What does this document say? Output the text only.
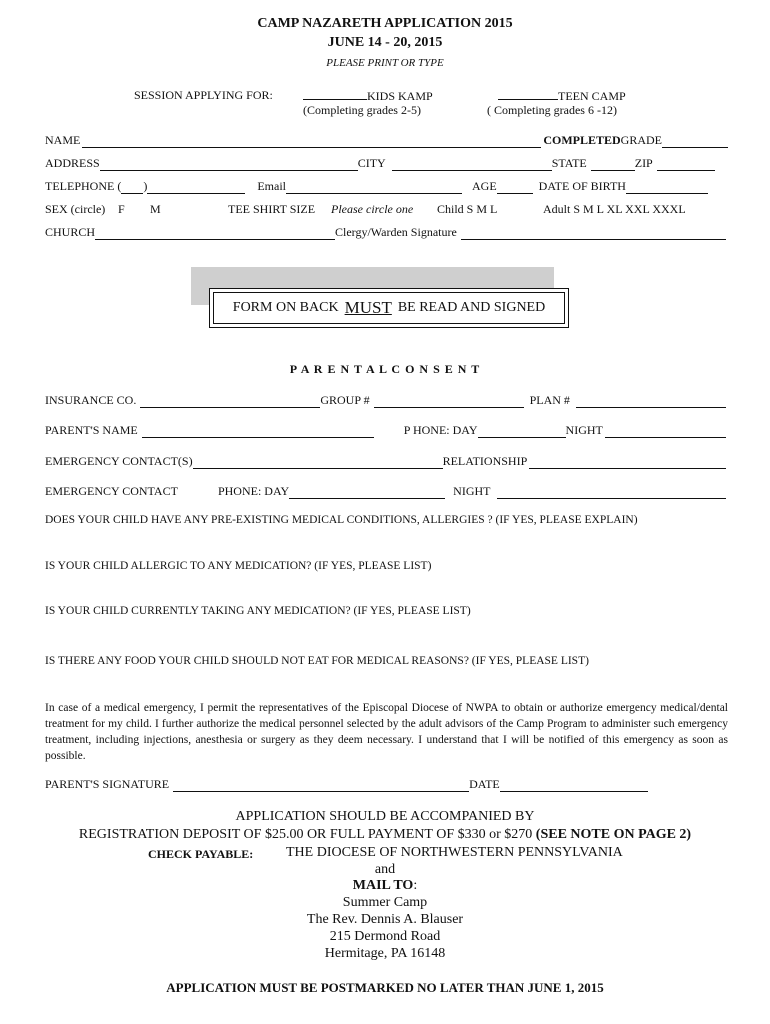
CAMP NAZARETH APPLICATION 2015
JUNE 14 - 20, 2015
PLEASE PRINT OR TYPE
SESSION APPLYING FOR:	KIDS KAMP
(Completing grades 2-5)
TEEN CAMP
( Completing grades 6 -12)
NAME	COMPLETED GRADE
ADDRESS	CITY	STATE	ZIP
TELEPHONE ( )	Email	AGE	DATE OF BIRTH
SEX (circle) F M	TEE SHIRT SIZE Please circle one Child S M L	Adult S M L XL XXL XXXL
CHURCH	Clergy/Warden Signature
FORM ON BACK MUST BE READ AND SIGNED
P A R E N T A L C O N S E N T
INSURANCE CO.	GROUP #	PLAN #
PARENT'S NAME	P HONE: DAY	NIGHT
EMERGENCY CONTACT(S)	RELATIONSHIP
EMERGENCY CONTACT	PHONE: DAY	NIGHT
DOES YOUR CHILD HAVE ANY PRE-EXISTING MEDICAL CONDITIONS, ALLERGIES ? (IF YES, PLEASE EXPLAIN)
IS YOUR CHILD ALLERGIC TO ANY MEDICATION? (IF YES, PLEASE LIST)
IS YOUR CHILD CURRENTLY TAKING ANY MEDICATION? (IF YES, PLEASE LIST)
IS THERE ANY FOOD YOUR CHILD SHOULD NOT EAT FOR MEDICAL REASONS? (IF YES, PLEASE LIST)
In case of a medical emergency, I permit the representatives of the Episcopal Diocese of NWPA to obtain or authorize emergency medical/dental treatment for my child. I further authorize the medical personnel selected by the adult advisors of the Camp Program to administer such emergency treatment, including injections, anesthesia or surgery as they deem necessary. I understand that I will be notified of this emergency as soon as possible.
PARENT'S SIGNATURE	DATE
APPLICATION SHOULD BE ACCOMPANIED BY
REGISTRATION DEPOSIT OF $25.00 OR FULL PAYMENT OF $330 or $270 (SEE NOTE ON PAGE 2)
CHECK PAYABLE: THE DIOCESE OF NORTHWESTERN PENNSYLVANIA
and
MAIL TO:
Summer Camp
The Rev. Dennis A. Blauser
215 Dermond Road
Hermitage, PA 16148
APPLICATION MUST BE POSTMARKED NO LATER THAN JUNE 1, 2015
